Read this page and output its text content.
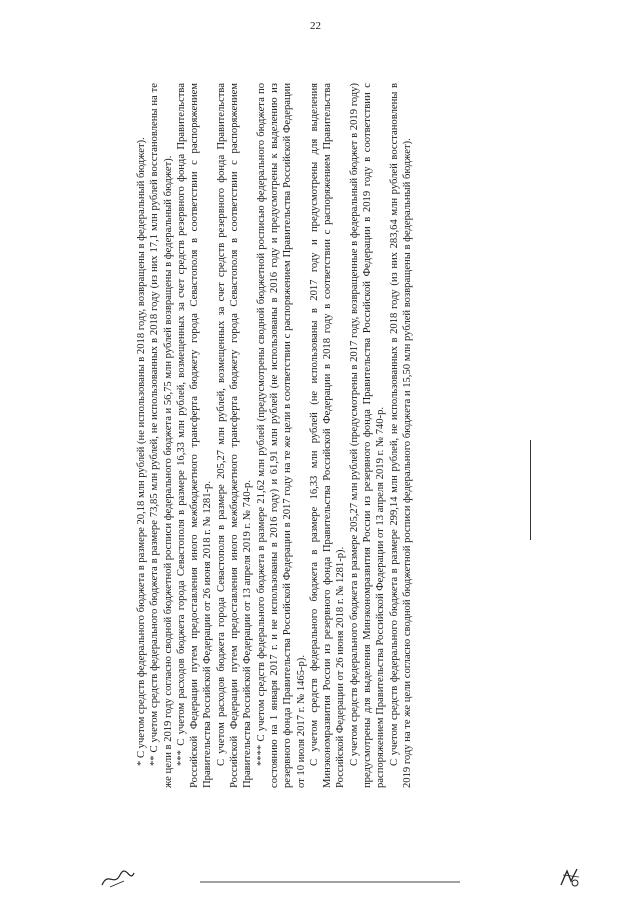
22

* С учетом средств федерального бюджета в размере 20,18 млн рублей (не использованы в 2018 году, возвращены в федеральный бюджет). ** С учетом средств федерального бюджета в размере 73,85 млн рублей, не использованных в 2018 году (из них 17,1 млн рублей восстановлены на те же цели в 2019 году согласно сводной бюджетной росписи федерального бюджета и 56,75 млн рублей возвращены в федеральный бюджет). *** С учетом расходов бюджета города Севастополя в размере 16,33 млн рублей, возмещенных за счет средств резервного фонда Правительства Российской Федерации путем предоставления иного межбюджетного трансферта бюджету города Севастополя в соответствии с распоряжением Правительства Российской Федерации от 26 июня 2018 г. № 1281-р. С учетом расходов бюджета города Севастополя в размере 205,27 млн рублей, возмещенных за счет средств резервного фонда Правительства Российской Федерации путем предоставления иного межбюджетного трансферта бюджету города Севастополя в соответствии с распоряжением Правительства Российской Федерации от 13 апреля 2019 г. № 740-р. **** С учетом средств федерального бюджета в размере 21,62 млн рублей (предусмотрены сводной бюджетной росписью федерального бюджета по состоянию на 1 января 2017 г. и не использованы в 2016 году) и 61,91 млн рублей (не использованы в 2016 году и предусмотрены к выделению из резервного фонда Правительства Российской Федерации в 2017 году на те же цели в соответствии с распоряжением Правительства Российской Федерации от 10 июля 2017 г. № 1465-р). С учетом средств федерального бюджета в размере 16,33 млн рублей (не использованы в 2017 году и предусмотрены для выделения Минэкономразвития России из резервного фонда Правительства Российской Федерации в 2018 году в соответствии с распоряжением Правительства Российской Федерации от 26 июня 2018 г. № 1281-р). С учетом средств федерального бюджета в размере 205,27 млн рублей (предусмотрены в 2017 году, возвращенные в федеральный бюджет в 2019 году) предусмотрены для выделения Минэкономразвития России из резервного фонда Правительства Российской Федерации в 2019 году в соответствии с распоряжением Правительства Российской Федерации от 13 апреля 2019 г. № 740-р. С учетом средств федерального бюджета в размере 299,14 млн рублей, не использованных в 2018 году (из них 283,64 млн рублей восстановлены в 2019 году на те же цели согласно сводной бюджетной росписи федерального бюджета и 15,50 млн рублей возвращены в федеральный бюджет).
